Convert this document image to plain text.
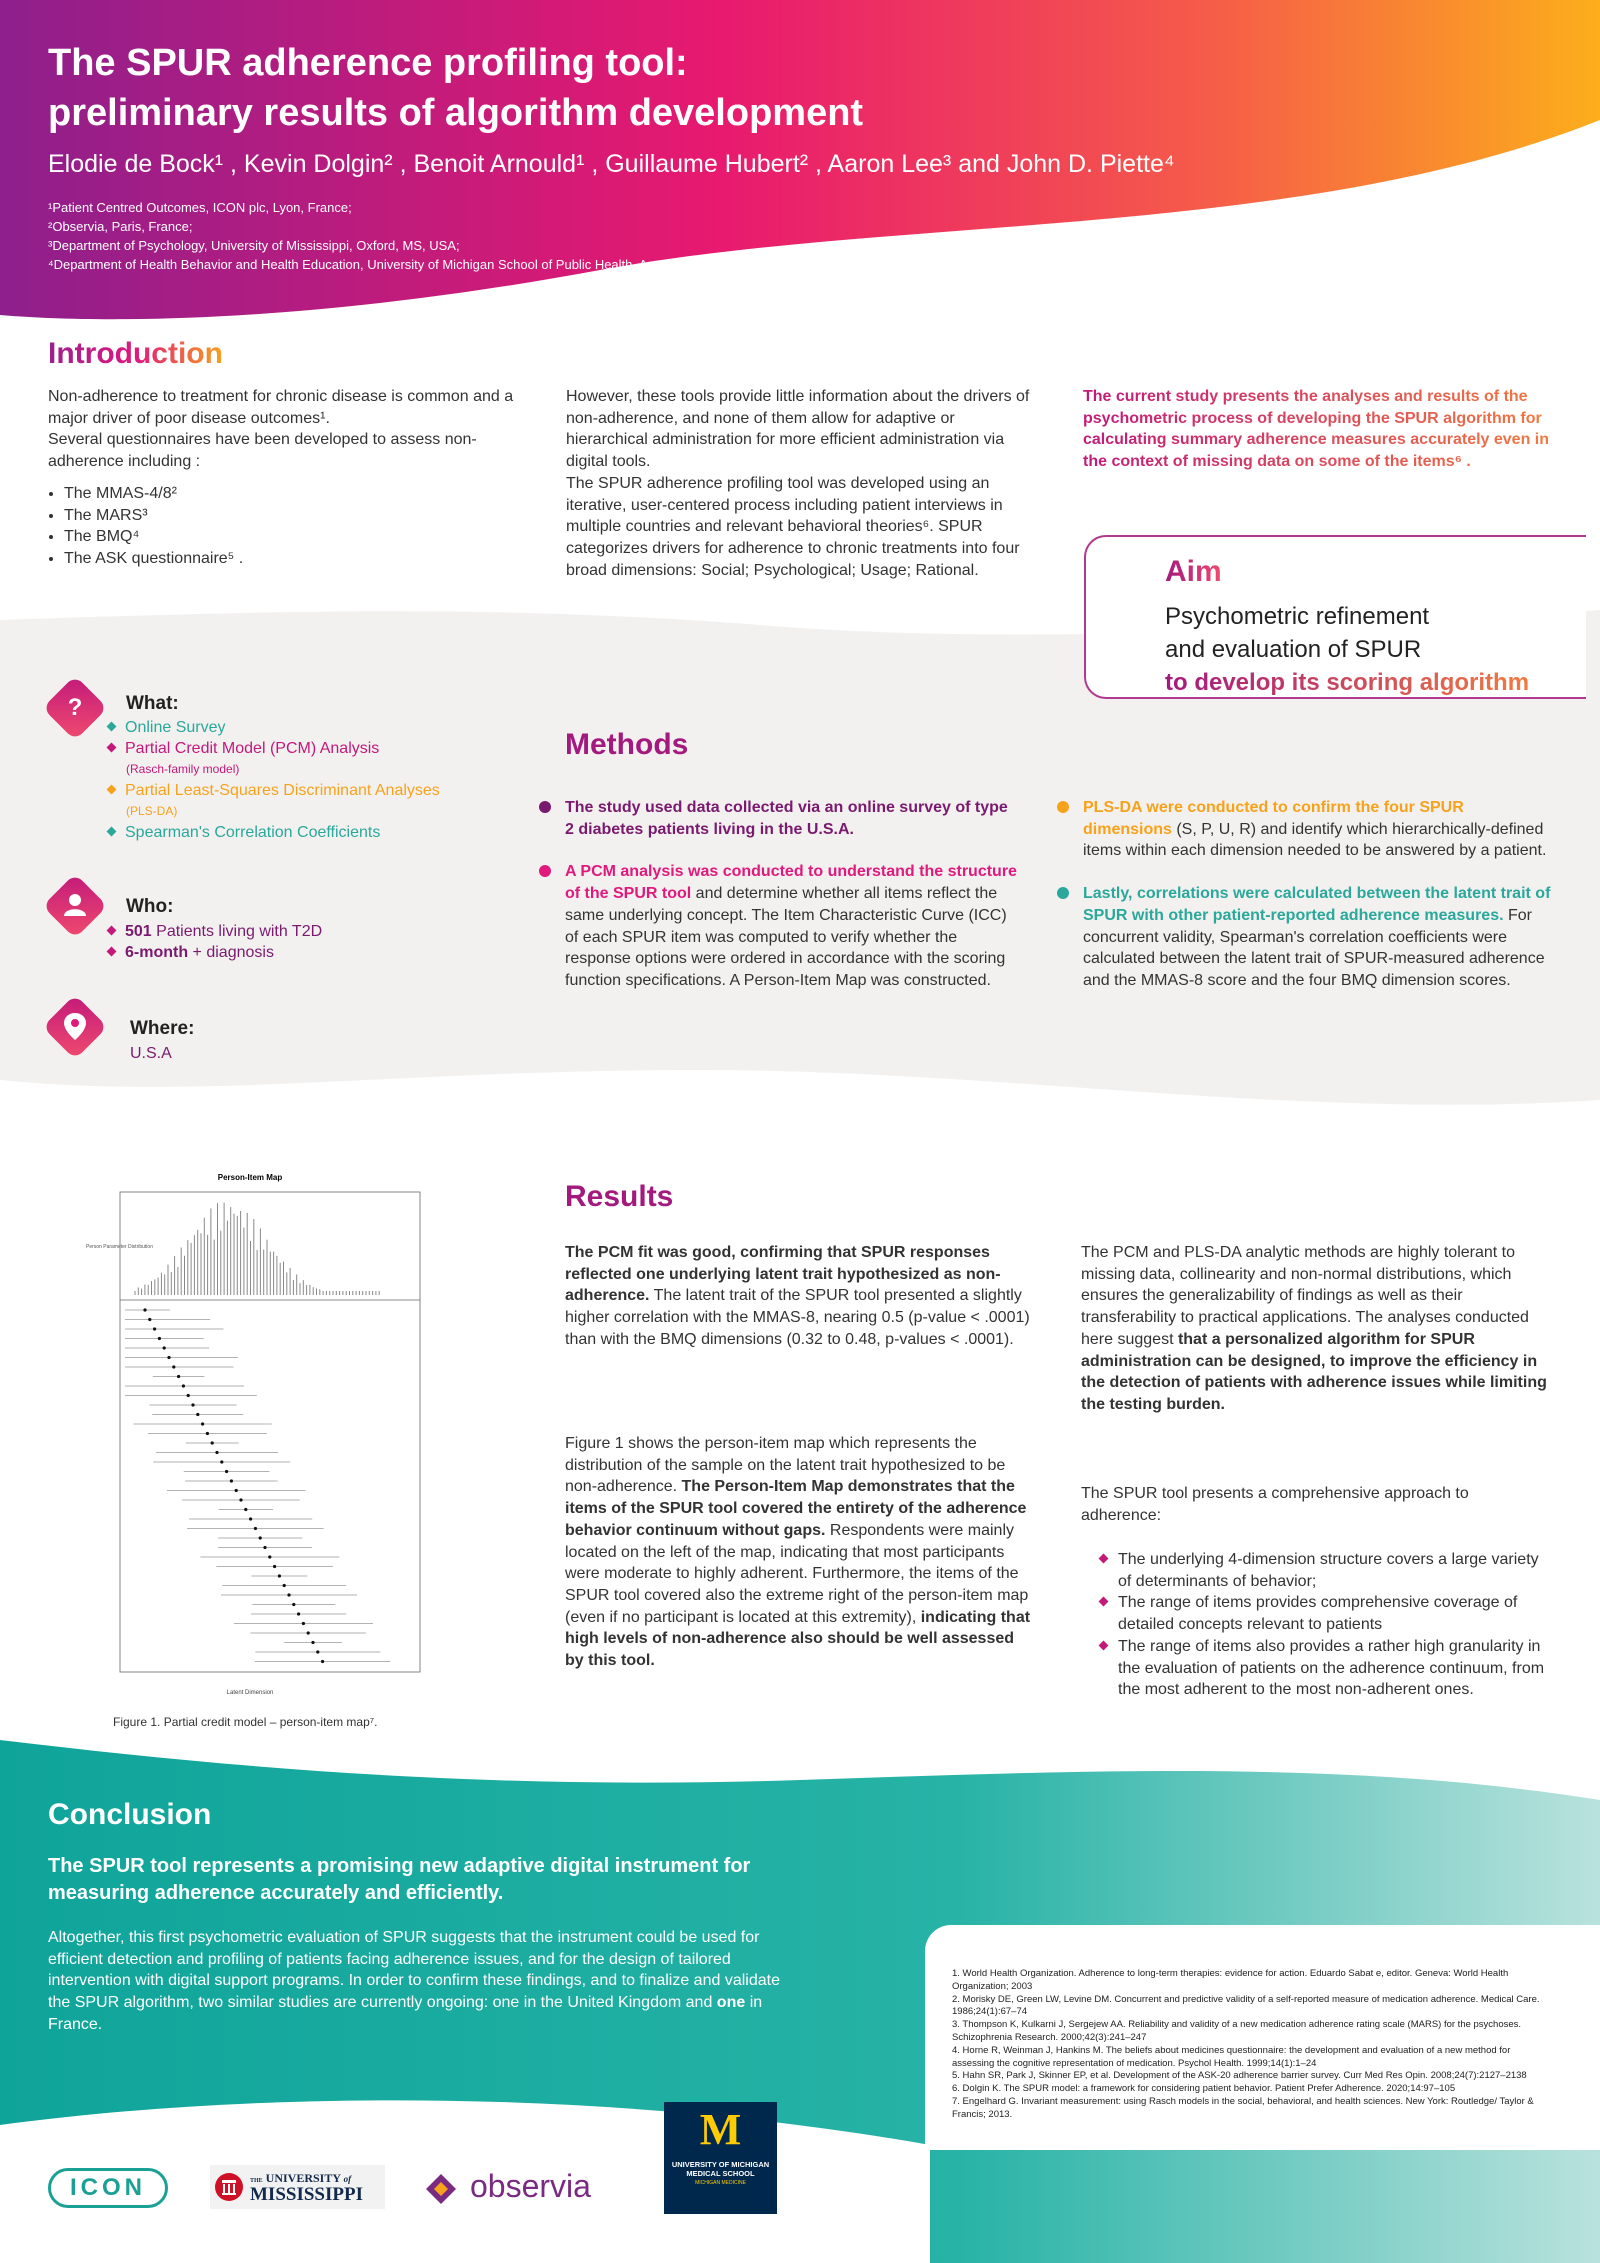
The SPUR adherence profiling tool:
preliminary results of algorithm development
Elodie de Bock¹ , Kevin Dolgin² , Benoit Arnould¹ , Guillaume Hubert² , Aaron Lee³ and John D. Piette⁴
¹Patient Centred Outcomes, ICON plc, Lyon, France;
²Observia, Paris, France;
³Department of Psychology, University of Mississippi, Oxford, MS, USA;
⁴Department of Health Behavior and Health Education, University of Michigan School of Public Health, Ann Arbor, MI, USA
Introduction
Non-adherence to treatment for chronic disease is common and a major driver of poor disease outcomes¹.
Several questionnaires have been developed to assess non-adherence including :
• The MMAS-4/8²
• The MARS³
• The BMQ⁴
• The ASK questionnaire⁵ .
However, these tools provide little information about the drivers of non-adherence, and none of them allow for adaptive or hierarchical administration for more efficient administration via digital tools.
The SPUR adherence profiling tool was developed using an iterative, user-centered process including patient interviews in multiple countries and relevant behavioral theories⁶. SPUR categorizes drivers for adherence to chronic treatments into four broad dimensions: Social; Psychological; Usage; Rational.
The current study presents the analyses and results of the psychometric process of developing the SPUR algorithm for calculating summary adherence measures accurately even in the context of missing data on some of the items⁶ .
Aim
Psychometric refinement
and evaluation of SPUR
to develop its scoring algorithm
?	What:
Online Survey
Partial Credit Model (PCM) Analysis
(Rasch-family model)
Partial Least-Squares Discriminant Analyses
(PLS-DA)
Spearman's Correlation Coefficients
Who:
501 Patients living with T2D
6-month + diagnosis
Where:
U.S.A
Methods
The study used data collected via an online survey of type 2 diabetes patients living in the U.S.A.
A PCM analysis was conducted to understand the structure of the SPUR tool and determine whether all items reflect the same underlying concept. The Item Characteristic Curve (ICC) of each SPUR item was computed to verify whether the response options were ordered in accordance with the scoring function specifications. A Person-Item Map was constructed.
PLS-DA were conducted to confirm the four SPUR dimensions (S, P, U, R) and identify which hierarchically-defined items within each dimension needed to be answered by a patient.
Lastly, correlations were calculated between the latent trait of SPUR with other patient-reported adherence measures. For concurrent validity, Spearman's correlation coefficients were calculated between the latent trait of SPUR-measured adherence and the MMAS-8 score and the four BMQ dimension scores.
Person-Item Map
Person Parameter Distribution
Latent Dimension
Figure 1. Partial credit model – person-item map⁷.
Results
The PCM fit was good, confirming that SPUR responses reflected one underlying latent trait hypothesized as non-adherence. The latent trait of the SPUR tool presented a slightly higher correlation with the MMAS-8, nearing 0.5 (p-value < .0001) than with the BMQ dimensions (0.32 to 0.48, p-values < .0001).
Figure 1 shows the person-item map which represents the distribution of the sample on the latent trait hypothesized to be non-adherence. The Person-Item Map demonstrates that the items of the SPUR tool covered the entirety of the adherence behavior continuum without gaps. Respondents were mainly located on the left of the map, indicating that most participants were moderate to highly adherent. Furthermore, the items of the SPUR tool covered also the extreme right of the person-item map (even if no participant is located at this extremity), indicating that high levels of non-adherence also should be well assessed by this tool.
The PCM and PLS-DA analytic methods are highly tolerant to missing data, collinearity and non-normal distributions, which ensures the generalizability of findings as well as their transferability to practical applications. The analyses conducted here suggest that a personalized algorithm for SPUR administration can be designed, to improve the efficiency in the detection of patients with adherence issues while limiting the testing burden.
The SPUR tool presents a comprehensive approach to adherence:
The underlying 4-dimension structure covers a large variety of determinants of behavior;
The range of items provides comprehensive coverage of detailed concepts relevant to patients
The range of items also provides a rather high granularity in the evaluation of patients on the adherence continuum, from the most adherent to the most non-adherent ones.
Conclusion
The SPUR tool represents a promising new adaptive digital instrument for measuring adherence accurately and efficiently.
Altogether, this first psychometric evaluation of SPUR suggests that the instrument could be used for efficient detection and profiling of patients facing adherence issues, and for the design of tailored intervention with digital support programs. In order to confirm these findings, and to finalize and validate the SPUR algorithm, two similar studies are currently ongoing: one in the United Kingdom and one in France.
1. World Health Organization. Adherence to long-term therapies: evidence for action. Eduardo Sabat e, editor. Geneva: World Health Organization; 2003
2. Morisky DE, Green LW, Levine DM. Concurrent and predictive validity of a self-reported measure of medication adherence. Medical Care. 1986;24(1):67–74
3. Thompson K, Kulkarni J, Sergejew AA. Reliability and validity of a new medication adherence rating scale (MARS) for the psychoses. Schizophrenia Research. 2000;42(3):241–247
4. Horne R, Weinman J, Hankins M. The beliefs about medicines questionnaire: the development and evaluation of a new method for assessing the cognitive representation of medication. Psychol Health. 1999;14(1):1–24
5. Hahn SR, Park J, Skinner EP, et al. Development of the ASK-20 adherence barrier survey. Curr Med Res Opin. 2008;24(7):2127–2138
6. Dolgin K. The SPUR model: a framework for considering patient behavior. Patient Prefer Adherence. 2020;14:97–105
7. Engelhard G. Invariant measurement: using Rasch models in the social, behavioral, and health sciences. New York: Routledge/ Taylor & Francis; 2013.
ICON	THE UNIVERSITY of
MISSISSIPPI	observia
M
UNIVERSITY OF MICHIGAN
MEDICAL SCHOOL
MICHIGAN MEDICINE
